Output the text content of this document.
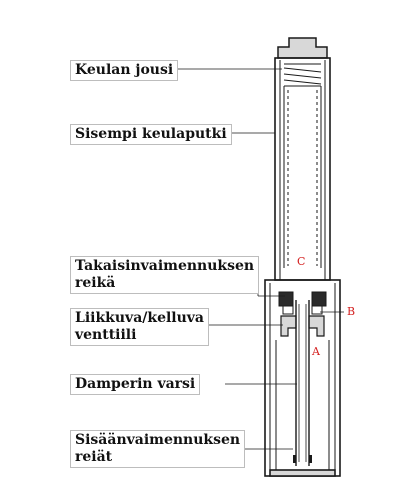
Keulan jousi
Sisempi keulaputki
Takaisinvaimennuksen
reikä
Liikkuva/kelluva
venttiili
Damperin varsi
Sisäänvaimennuksen
reiät
C
B
A
